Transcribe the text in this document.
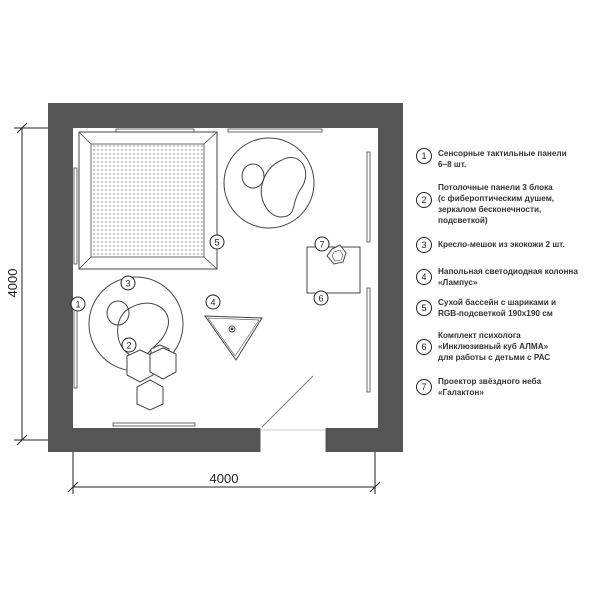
4000
4000
1
2
3
4
5
6
7
1	Сенсорные тактильные панели
6–8 шт.
2
Потолочные панели 3 блока
(с фиберoптическим душем,
зеркалом бесконечности,
подсветкой)
3	Кресло-мешок из экокожи 2 шт.
4
Напольная светодиодная колонна
«Лампус»
5
Сухой бассейн с шариками и
RGB-подсветкой 190х190 см
6
Комплект психолога
«Инклюзивный куб АЛМА»
для работы с детьми с РАС
7
Проектор звёздного неба
«Галактон»
